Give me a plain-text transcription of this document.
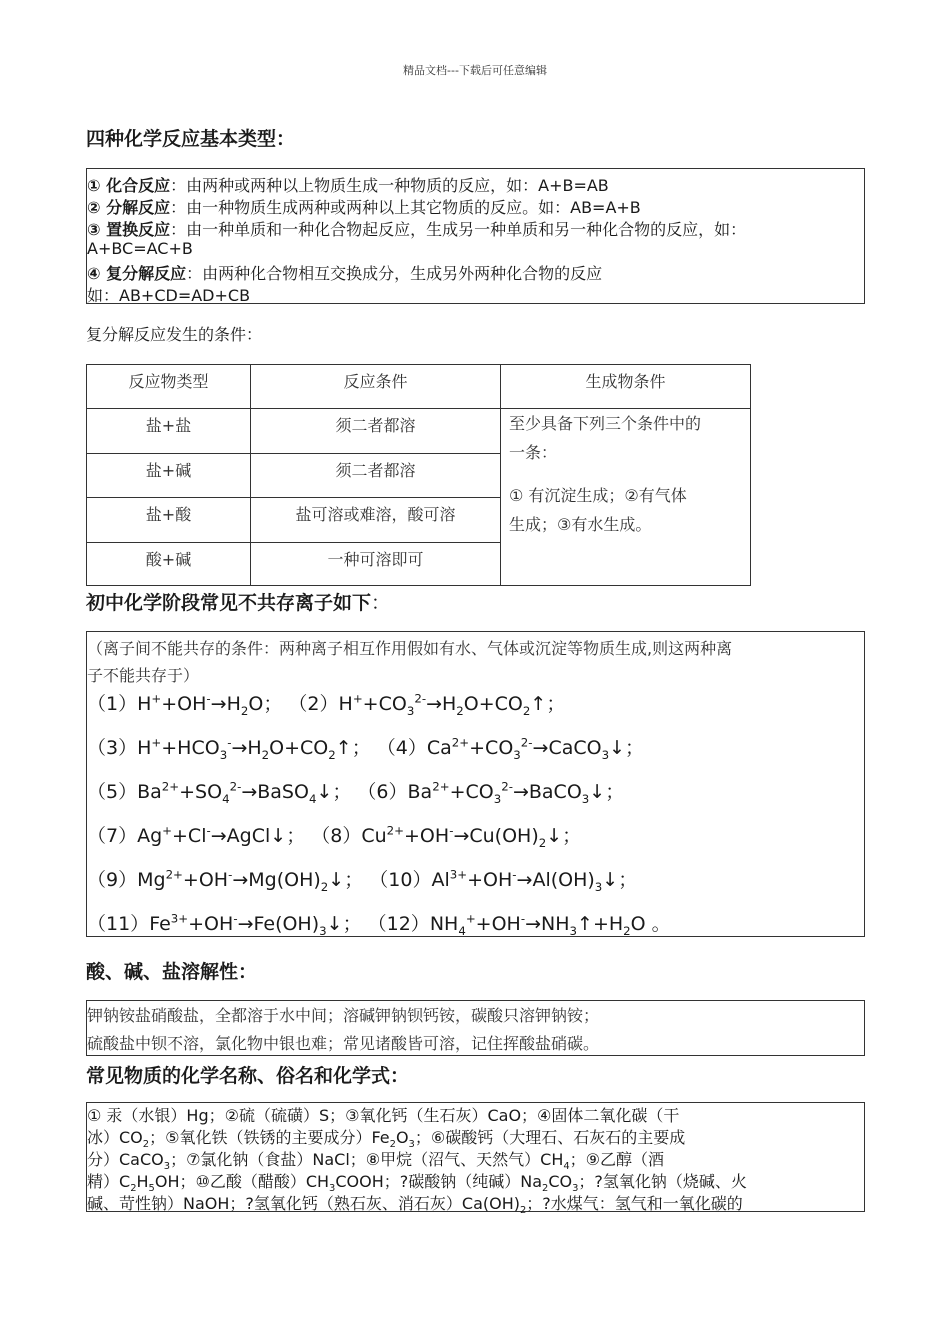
精品文档---下载后可任意编辑
四种化学反应基本类型：
① 化合反应：由两种或两种以上物质生成一种物质的反应，如：A+B=AB
② 分解反应：由一种物质生成两种或两种以上其它物质的反应。如：AB=A+B
③ 置换反应：由一种单质和一种化合物起反应，生成另一种单质和另一种化合物的反应，如：
A+BC=AC+B
④ 复分解反应：由两种化合物相互交换成分，生成另外两种化合物的反应
如：AB+CD=AD+CB
复分解反应发生的条件：
反应物类型	反应条件	生成物条件
盐+盐	须二者都溶	至少具备下列三个条件中的
一条：
① 有沉淀生成；②有气体
生成；③有水生成。

盐+碱	须二者都溶	
盐+酸	盐可溶或难溶，酸可溶	
酸+碱	一种可溶即可	
初中化学阶段常见不共存离子如下：
（离子间不能共存的条件：两种离子相互作用假如有水、气体或沉淀等物质生成,则这两种离
子不能共存于）
$(1)H^++OH^-\to H_2O$； $(2)H^++CO_3^{2-}\to H_2O+CO_2↑$；
$(3)H^++HCO_3^-\to H_2O+CO_2↑$； $(4)Ca^{2+}+CO_3^{2-}\to CaCO_3↓$；
$(5)Ba^{2+}+SO_4^{2-}\to BaSO_4↓$； $(6)Ba^{2+}+CO_3^{2-}\to BaCO_3↓$；
（7）Ag++Cl-→AgCl↓； $(8)Cu^{2+}+OH^-\to Cu(OH)_2↓$；
$(9)Mg^{2+}+OH^-\to Mg(OH)_2↓$； $(10)Al^{3+}+OH^-\to Al(OH)_3↓$；
$(11)Fe^{3+}+OH^-\to Fe(OH)_3↓$； $(12)NH_4^++OH^-\to NH_3↑+H_2O$ 。
酸、碱、盐溶解性：
钾钠铵盐硝酸盐，全都溶于水中间；溶碱钾钠钡钙铵，碳酸只溶钾钠铵；
硫酸盐中钡不溶，氯化物中银也难；常见诸酸皆可溶，记住挥酸盐硝碳。
常见物质的化学名称、俗名和化学式：
① 汞（水银）Hg；②硫（硫磺）S；③氧化钙（生石灰）CaO；④固体二氧化碳（干
冰）$CO_2$；⑤氧化铁（铁锈的主要成分）$Fe_2O_3$；⑥碳酸钙（大理石、石灰石的主要成
分）CaCO$_3$；⑦氯化钠（食盐）NaCl；⑧甲烷（沼气、天然气）$CH_4$；⑨乙醇（酒
精）$C_2H_5OH$；⑩乙酸（醋酸）$CH_3COOH$；?碳酸钠（纯碱）$Na_2CO_3$；?氢氧化钠（烧碱、火
碱、苛性钠）NaOH；?氢氧化钙（熟石灰、消石灰）$Ca(OH)_2$；?水煤气：氢气和一氧化碳的
